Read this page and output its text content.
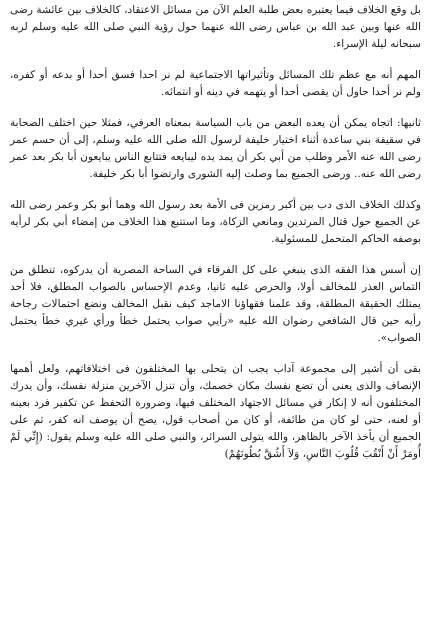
بل وقع الخلاف فيما يعتبره بعض طلبة العلم الآن من مسائل الاعتقاد، كالخلاف بين عائشة رضى الله عنها وبين عبد الله بن عباس رضى الله عنهما حول رؤية النبي صلى الله عليه وسلم لربه سبحانه ليلة الإسراء.

المهم أنه مع عظم تلك المسائل وتأثيراتها الاجتماعية لم نر احدا فسق أحدا أو بدعه أو كفره، ولم نر أحدا حاول أن يقصى أحدا أو يتهمه في دينه أو انتمائه.

ثانيها: اتجاه يمكن أن يعده البعض من باب السياسة بمعناه العرفي، فمثلا حين اختلف الصحابة في سقيفة بني ساعدة أثناء اختيار خليفة لرسول الله صلى الله عليه وسلم، إلى أن حسم عمر رضى الله عنه الأمر وطلب من أبي بكر أن يمد يده ليبايعه فتتابع الناس يبايعون أبا بكر بعد عمر رضى الله عنه.. ورضى الجميع بما وصلت إليه الشورى وارتضوا أبا بكر خليفة.

وكذلك الخلاف الذى دب بين أكبر رمزين فى الأمة بعد رسول الله وهما أبو بكر وعمر رضى الله عن الجميع حول قتال المرتدين ومانعي الزكاة، وما استتبع هذا الخلاف من إمضاء أبي بكر لرأيه بوصفه الحاكم المتحمل للمسئولية.

إن أسس هذا الفقه الذى ينبغي على كل الفرقاء في الساحة المصرية أن يدركوه، تنطلق من التماس العذر للمخالف أولا، والحرص عليه ثانيا، وعدم الإحساس بالصواب المطلق، فلا أحد يمتلك الحقيقة المطلقة، وقد علمنا فقهاؤنا الاماجد كيف نقبل المخالف ونضع احتمالات رجاحة رأيه حين قال الشافعي رضوان الله عليه «رأيي صواب يحتمل خطأ ورأي غيري خطأ يحتمل الصواب».

بقى أن أشير إلى مجموعة آداب يجب ان يتحلى بها المختلفون فى اختلافاتهم، ولعل أهمها الإنصاف والذى يعنى أن تضع نفسك مكان خصمك، وأن تنزل الآخرين منزلة نفسك، وأن يدرك المختلفون أنه لا إنكار في مسائل الاجتهاد المختلف فيها، وضرورة التحفظ عن تكفير فرد بعينه أو لعنه، حتى لو كان من طائفة، أو كان من أصحاب قول، يصح أن يوصف انه كفر، ثم على الجميع أن يأخذ الآخر بالظاهر، والله يتولى السرائر، والنبي صلى الله عليه وسلم يقول: (إِنِّي لَمْ أُومَرْ أَنْ أَنْقُبَ قُلُوبَ النَّاسِ، وَلاَ أَشُقَّ بُطُونَهُمْ)
